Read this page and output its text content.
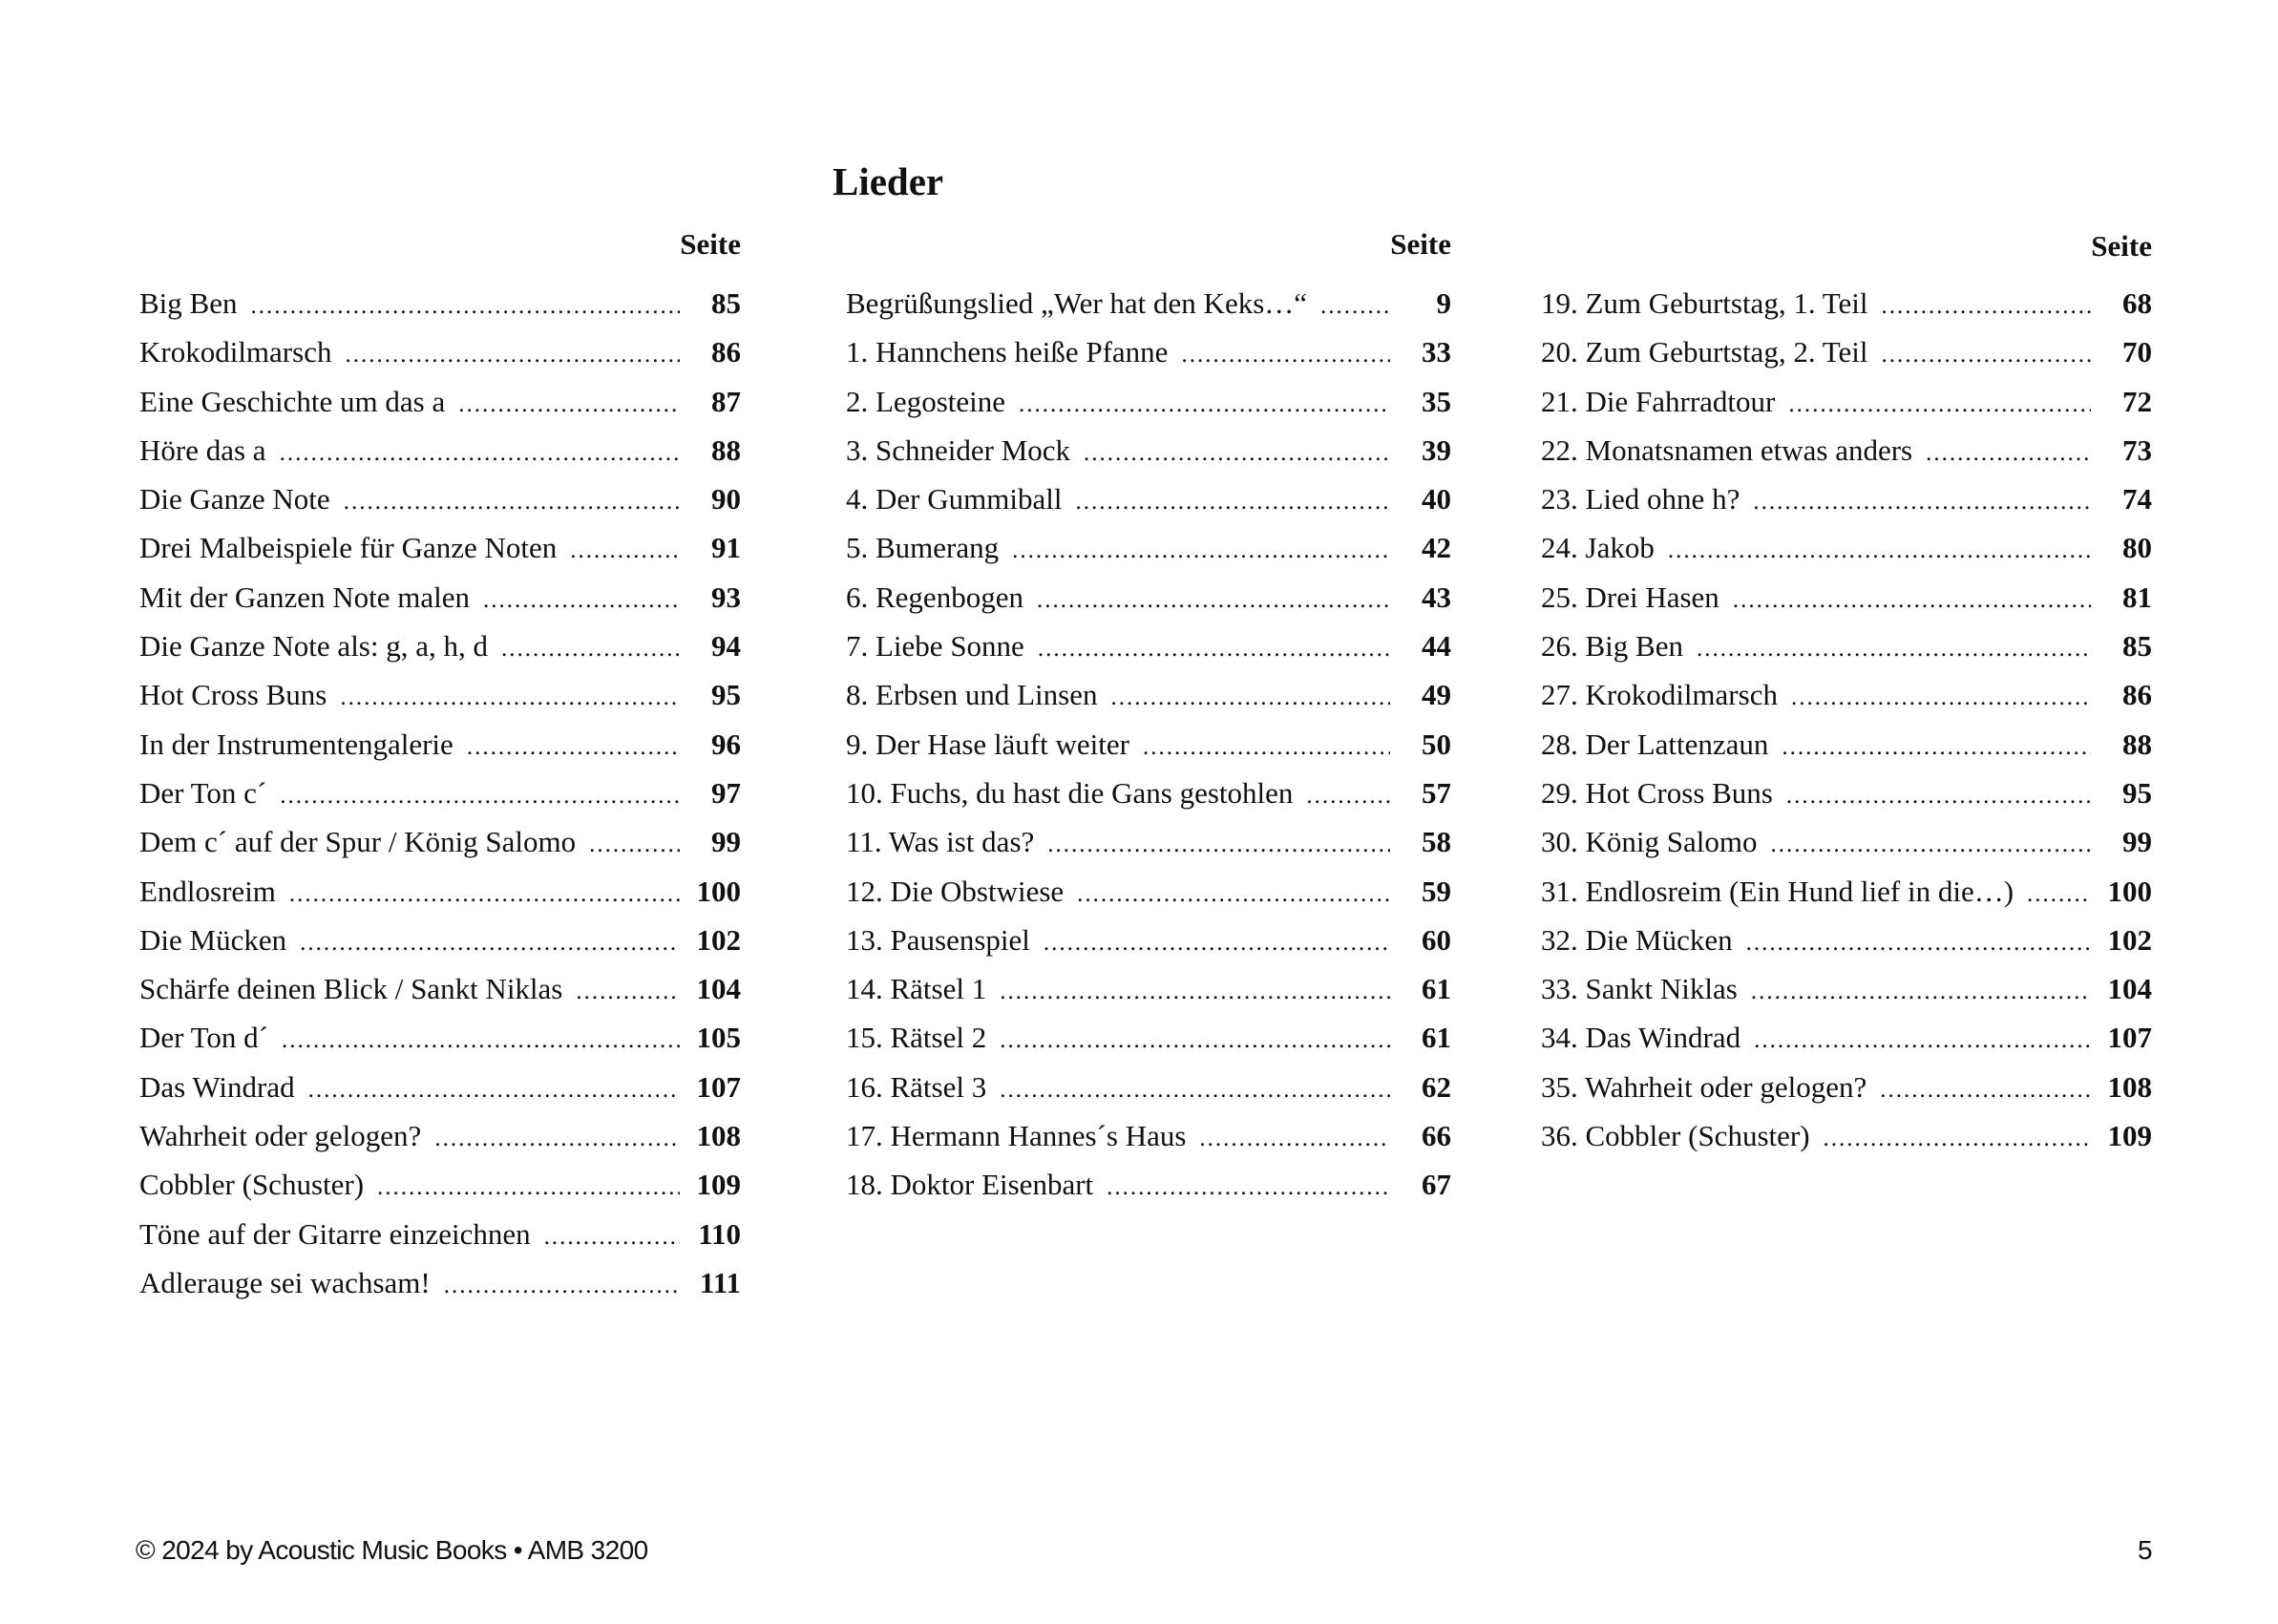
Lieder
Seite
Big Ben .....	85
Krokodilmarsch .....	86
Eine Geschichte um das a .....	87
Höre das a .....	88
Die Ganze Note .....	90
Drei Malbeispiele für Ganze Noten .....	91
Mit der Ganzen Note malen .....	93
Die Ganze Note als: g, a, h, d .....	94
Hot Cross Buns .....	95
In der Instrumentengalerie .....	96
Der Ton c´ .....	97
Dem c´ auf der Spur / König Salomo .....	99
Endlosreim .....	100
Die Mücken .....	102
Schärfe deinen Blick / Sankt Niklas .....	104
Der Ton d´ .....	105
Das Windrad .....	107
Wahrheit oder gelogen? .....	108
Cobbler (Schuster) .....	109
Töne auf der Gitarre einzeichnen .....	110
Adlerauge sei wachsam! .....	111
Seite
Begrüßungslied „Wer hat den Keks…“ .....	9
1. Hannchens heiße Pfanne .....	33
2. Legosteine .....	35
3. Schneider Mock .....	39
4. Der Gummiball .....	40
5. Bumerang .....	42
6. Regenbogen .....	43
7. Liebe Sonne .....	44
8. Erbsen und Linsen .....	49
9. Der Hase läuft weiter .....	50
10. Fuchs, du hast die Gans gestohlen .....	57
11. Was ist das? .....	58
12. Die Obstwiese .....	59
13. Pausenspiel .....	60
14. Rätsel 1 .....	61
15. Rätsel 2 .....	61
16. Rätsel 3 .....	62
17. Hermann Hannes´s Haus .....	66
18. Doktor Eisenbart .....	67
Seite
19. Zum Geburtstag, 1. Teil .....	68
20. Zum Geburtstag, 2. Teil .....	70
21. Die Fahrradtour .....	72
22. Monatsnamen etwas anders .....	73
23. Lied ohne h? .....	74
24. Jakob .....	80
25. Drei Hasen .....	81
26. Big Ben .....	85
27. Krokodilmarsch .....	86
28. Der Lattenzaun .....	88
29. Hot Cross Buns .....	95
30. König Salomo .....	99
31. Endlosreim (Ein Hund lief in die…) .....	100
32. Die Mücken .....	102
33. Sankt Niklas .....	104
34. Das Windrad .....	107
35. Wahrheit oder gelogen? .....	108
36. Cobbler (Schuster) .....	109
© 2024 by Acoustic Music Books • AMB 3200	5
